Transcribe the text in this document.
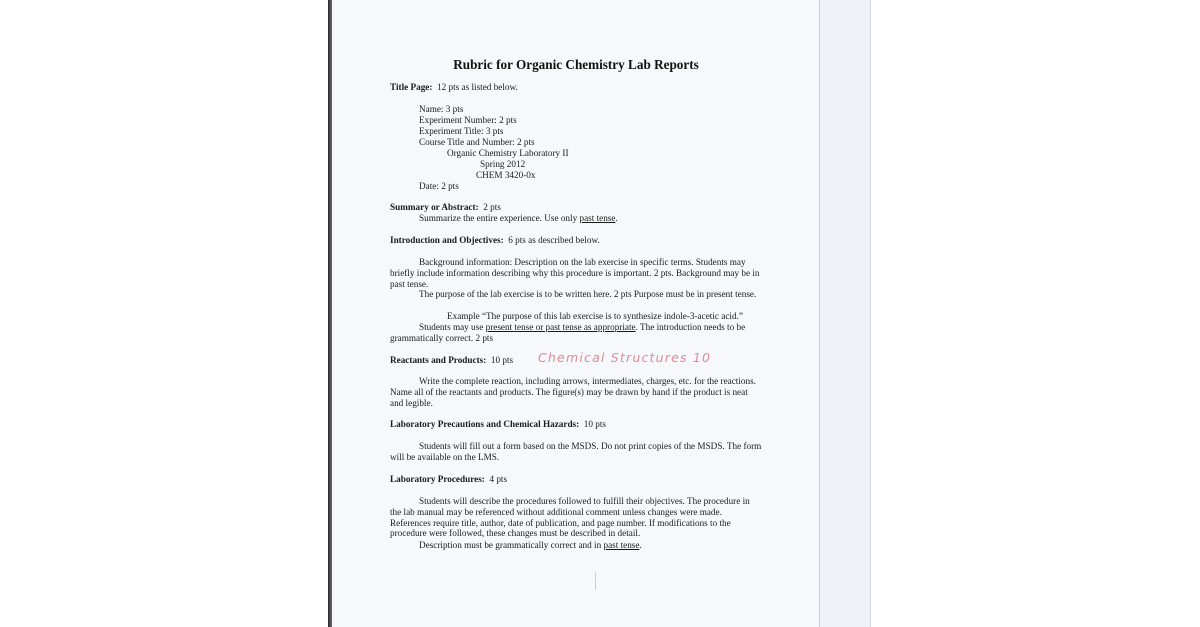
Rubric for Organic Chemistry Lab Reports
Title Page: 12 pts as listed below.
Name: 3 pts
Experiment Number: 2 pts
Experiment Title: 3 pts
Course Title and Number: 2 pts
Organic Chemistry Laboratory II
Spring 2012
CHEM 3420-0x
Date: 2 pts
Summary or Abstract: 2 pts
Summarize the entire experience. Use only past tense.
Introduction and Objectives: 6 pts as described below.
Background information: Description on the lab exercise in specific terms. Students may briefly include information describing why this procedure is important. 2 pts. Background may be in past tense.
The purpose of the lab exercise is to be written here. 2 pts Purpose must be in present tense.
Example “The purpose of this lab exercise is to synthesize indole-3-acetic acid.”
Students may use present tense or past tense as appropriate. The introduction needs to be grammatically correct. 2 pts
Reactants and Products: 10 pts Chemical Structures 10
Write the complete reaction, including arrows, intermediates, charges, etc. for the reactions. Name all of the reactants and products. The figure(s) may be drawn by hand if the product is neat and legible.
Laboratory Precautions and Chemical Hazards: 10 pts
Students will fill out a form based on the MSDS. Do not print copies of the MSDS. The form will be available on the LMS.
Laboratory Procedures: 4 pts
Students will describe the procedures followed to fulfill their objectives. The procedure in the lab manual may be referenced without additional comment unless changes were made. References require title, author, date of publication, and page number. If modifications to the procedure were followed, these changes must be described in detail.
Description must be grammatically correct and in past tense.
